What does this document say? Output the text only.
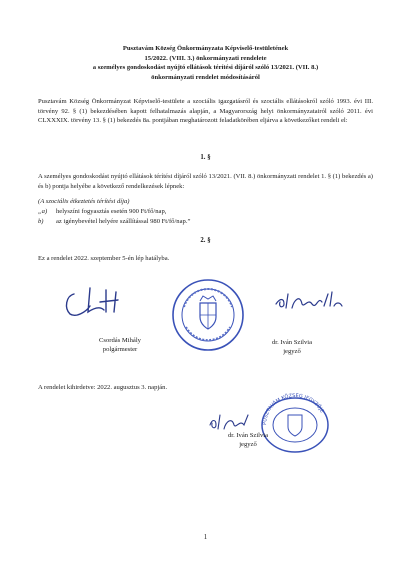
Pusztavám Község Önkormányzata Képviselő-testületének
15/2022. (VIII. 3.) önkormányzati rendelete
a személyes gondoskodást nyújtó ellátások térítési díjáról szóló 13/2021. (VII. 8.)
önkormányzati rendelet módosításáról
Pusztavám Község Önkormányzat Képviselő-testülete a szociális igazgatásról és szociális ellátásokról szóló 1993. évi III. törvény 92. § (1) bekezdésében kapott felhatalmazás alapján, a Magyarország helyi önkormányzatairól szóló 2011. évi CLXXXIX. törvény 13. § (1) bekezdés 8a. pontjában meghatározott feladatkörében eljárva a következőket rendeli el:
1. §
A személyes gondoskodást nyújtó ellátások térítési díjáról szóló 13/2021. (VII. 8.) önkormányzati rendelet 1. § (1) bekezdés a) és b) pontja helyébe a következő rendelkezések lépnek:
(A szociális étkeztetés térítési díja)
„a)	helyszíni fogyasztás esetén 900 Ft/fő/nap,
b)	az igénybevétel helyére szállítással 980 Ft/fő/nap.”
2. §
Ez a rendelet 2022. szeptember 5-én lép hatályba.
Csordás Mihály
polgármester
dr. Iván Szilvia
jegyző
A rendelet kihirdetve: 2022. augusztus 3. napján.
PUSZTAVÁM KÖZSÉG JEGYZŐJE
dr. Iván Szilvia
jegyző
1
